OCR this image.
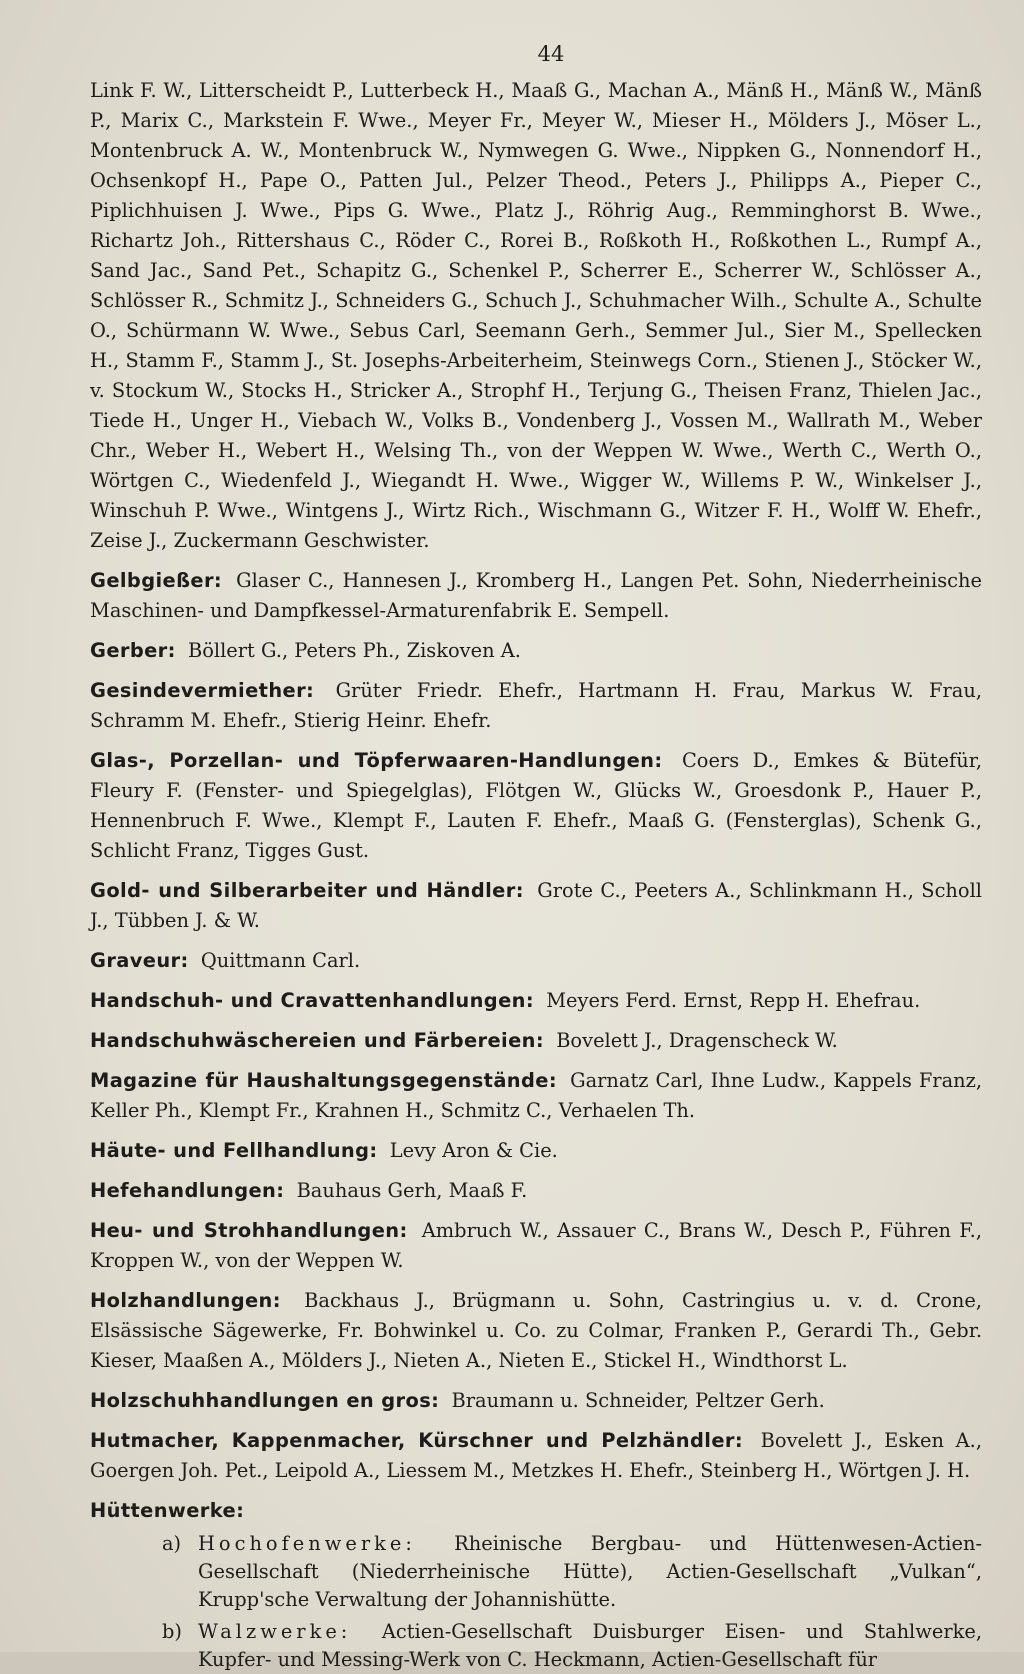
44

Link F. W., Litterscheidt P., Lutterbeck H., Maaß G., Machan A., Mänß H., Mänß W., Mänß P., Marix C., Markstein F. Wwe., Meyer Fr., Meyer W., Mieser H., Mölders J., Möser L., Montenbruck A. W., Montenbruck W., Nymwegen G. Wwe., Nippken G., Nonnendorf H., Ochsenkopf H., Pape O., Patten Jul., Pelzer Theod., Peters J., Philipps A., Pieper C., Piplichhuisen J. Wwe., Pips G. Wwe., Platz J., Röhrig Aug., Remminghorst B. Wwe., Richartz Joh., Rittershaus C., Röder C., Rorei B., Roßkoth H., Roßkothen L., Rumpf A., Sand Jac., Sand Pet., Schapitz G., Schenkel P., Scherrer E., Scherrer W., Schlösser A., Schlösser R., Schmitz J., Schneiders G., Schuch J., Schuhmacher Wilh., Schulte A., Schulte O., Schürmann W. Wwe., Sebus Carl, Seemann Gerh., Semmer Jul., Sier M., Spellecken H., Stamm F., Stamm J., St. Josephs-Arbeiterheim, Steinwegs Corn., Stienen J., Stöcker W., v. Stockum W., Stocks H., Stricker A., Strophf H., Terjung G., Theisen Franz, Thielen Jac., Tiede H., Unger H., Viebach W., Volks B., Vondenberg J., Vossen M., Wallrath M., Weber Chr., Weber H., Webert H., Welsing Th., von der Weppen W. Wwe., Werth C., Werth O., Wörtgen C., Wiedenfeld J., Wiegandt H. Wwe., Wigger W., Willems P. W., Winkelser J., Winschuh P. Wwe., Wintgens J., Wirtz Rich., Wischmann G., Witzer F. H., Wolff W. Ehefr., Zeise J., Zuckermann Geschwister.

Gelbgießer: Glaser C., Hannesen J., Kromberg H., Langen Pet. Sohn, Niederrheinische Maschinen- und Dampfkessel-Armaturenfabrik E. Sempell.

Gerber: Böllert G., Peters Ph., Ziskoven A.

Gesindevermiether: Grüter Friedr. Ehefr., Hartmann H. Frau, Markus W. Frau, Schramm M. Ehefr., Stierig Heinr. Ehefr.

Glas-, Porzellan- und Töpferwaaren-Handlungen: Coers D., Emkes & Bütefür, Fleury F. (Fenster- und Spiegelglas), Flötgen W., Glücks W., Groesdonk P., Hauer P., Hennenbruch F. Wwe., Klempt F., Lauten F. Ehefr., Maaß G. (Fensterglas), Schenk G., Schlicht Franz, Tigges Gust.

Gold- und Silberarbeiter und Händler: Grote C., Peeters A., Schlinkmann H., Scholl J., Tübben J. & W.

Graveur: Quittmann Carl.

Handschuh- und Cravattenhandlungen: Meyers Ferd. Ernst, Repp H. Ehefrau.

Handschuhwäschereien und Färbereien: Bovelett J., Dragenscheck W.

Magazine für Haushaltungsgegenstände: Garnatz Carl, Ihne Ludw., Kappels Franz, Keller Ph., Klempt Fr., Krahnen H., Schmitz C., Verhaelen Th.

Häute- und Fellhandlung: Levy Aron & Cie.

Hefehandlungen: Bauhaus Gerh, Maaß F.

Heu- und Strohhandlungen: Ambruch W., Assauer C., Brans W., Desch P., Führen F., Kroppen W., von der Weppen W.

Holzhandlungen: Backhaus J., Brügmann u. Sohn, Castringius u. v. d. Crone, Elsässische Sägewerke, Fr. Bohwinkel u. Co. zu Colmar, Franken P., Gerardi Th., Gebr. Kieser, Maaßen A., Mölders J., Nieten A., Nieten E., Stickel H., Windthorst L.

Holzschuhhandlungen en gros: Braumann u. Schneider, Peltzer Gerh.

Hutmacher, Kappenmacher, Kürschner und Pelzhändler: Bovelett J., Esken A., Goergen Joh. Pet., Leipold A., Liessem M., Metzkes H. Ehefr., Steinberg H., Wörtgen J. H.

Hüttenwerke:

a) Hochofenwerke: Rheinische Bergbau- und Hüttenwesen-Actien-Gesellschaft (Niederrheinische Hütte), Actien-Gesellschaft „Vulkan“, Krupp'sche Verwaltung der Johannishütte.
b) Walzwerke: Actien-Gesellschaft Duisburger Eisen- und Stahlwerke, Kupfer- und Messing-Werk von C. Heckmann, Actien-Gesellschaft für
